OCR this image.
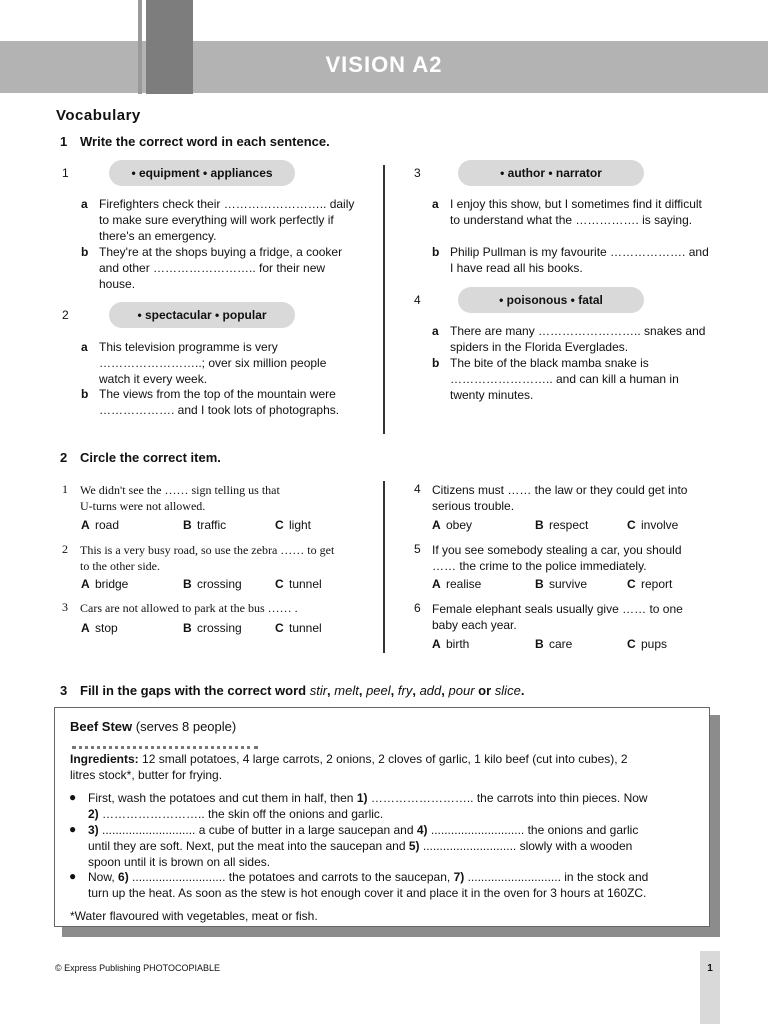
VISION A2
Vocabulary
1 Write the correct word in each sentence.
1	• equipment • appliances
a Firefighters check their …………………….. daily to make sure everything will work perfectly if there's an emergency.
b They're at the shops buying a fridge, a cooker and other …………………….. for their new house.
2	• spectacular • popular
a This television programme is very ……………………..; over six million people watch it every week.
b The views from the top of the mountain were ………………. and I took lots of photographs.
3	• author • narrator
a I enjoy this show, but I sometimes find it difficult to understand what the ……………. is saying.
b Philip Pullman is my favourite ………………. and I have read all his books.
4	• poisonous • fatal
a There are many …………………….. snakes and spiders in the Florida Everglades.
b The bite of the black mamba snake is …………………….. and can kill a human in twenty minutes.
2 Circle the correct item.
1 We didn't see the …… sign telling us that
U-turns were not allowed.
A road	B traffic	C light
2 This is a very busy road, so use the zebra …… to get
to the other side.
A bridge	B crossing	C tunnel
3 Cars are not allowed to park at the bus …… .
A stop	B crossing	C tunnel
4 Citizens must …… the law or they could get into
serious trouble.
A obey	B respect	C involve
5 If you see somebody stealing a car, you should
…… the crime to the police immediately.
A realise	B survive	C report
6 Female elephant seals usually give …… to one
baby each year.
A birth	B care	C pups
3 Fill in the gaps with the correct word stir, melt, peel, fry, add, pour or slice.
Beef Stew (serves 8 people)
Ingredients: 12 small potatoes, 4 large carrots, 2 onions, 2 cloves of garlic, 1 kilo beef (cut into cubes), 2
litres stock*, butter for frying.
● First, wash the potatoes and cut them in half, then 1) …………………….. the carrots into thin pieces. Now
2) …………………….. the skin off the onions and garlic.
● 3) ............................ a cube of butter in a large saucepan and 4) ............................ the onions and garlic
until they are soft. Next, put the meat into the saucepan and 5) ............................ slowly with a wooden
spoon until it is brown on all sides.
● Now, 6) ............................ the potatoes and carrots to the saucepan, 7) ............................ in the stock and
turn up the heat. As soon as the stew is hot enough cover it and place it in the oven for 3 hours at 160ZC.
*Water flavoured with vegetables, meat or fish.
© Express Publishing PHOTOCOPIABLE	1
